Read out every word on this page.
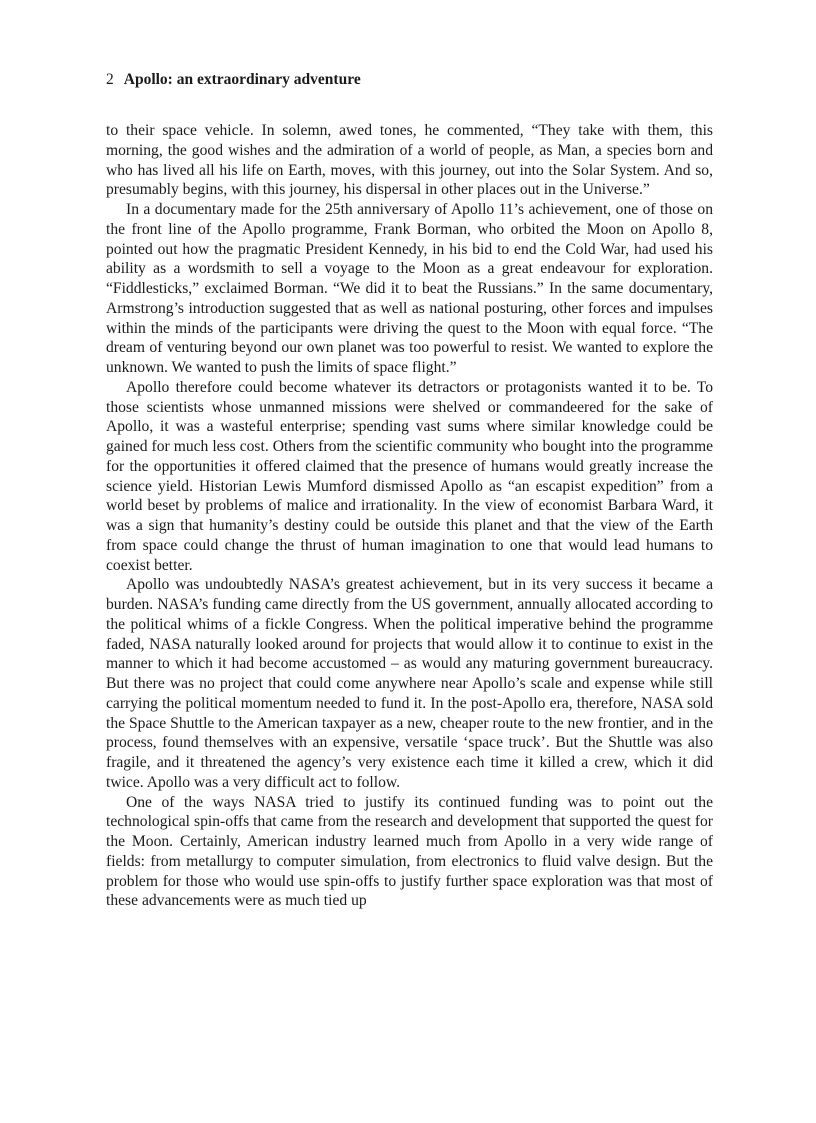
2 Apollo: an extraordinary adventure

to their space vehicle. In solemn, awed tones, he commented, “They take with them, this morning, the good wishes and the admiration of a world of people, as Man, a species born and who has lived all his life on Earth, moves, with this journey, out into the Solar System. And so, presumably begins, with this journey, his dispersal in other places out in the Universe.”

In a documentary made for the 25th anniversary of Apollo 11’s achievement, one of those on the front line of the Apollo programme, Frank Borman, who orbited the Moon on Apollo 8, pointed out how the pragmatic President Kennedy, in his bid to end the Cold War, had used his ability as a wordsmith to sell a voyage to the Moon as a great endeavour for exploration. “Fiddlesticks,” exclaimed Borman. “We did it to beat the Russians.” In the same documentary, Armstrong’s introduction suggested that as well as national posturing, other forces and impulses within the minds of the participants were driving the quest to the Moon with equal force. “The dream of venturing beyond our own planet was too powerful to resist. We wanted to explore the unknown. We wanted to push the limits of space flight.”

Apollo therefore could become whatever its detractors or protagonists wanted it to be. To those scientists whose unmanned missions were shelved or commandeered for the sake of Apollo, it was a wasteful enterprise; spending vast sums where similar knowledge could be gained for much less cost. Others from the scientific community who bought into the programme for the opportunities it offered claimed that the presence of humans would greatly increase the science yield. Historian Lewis Mumford dismissed Apollo as “an escapist expedition” from a world beset by problems of malice and irrationality. In the view of economist Barbara Ward, it was a sign that humanity’s destiny could be outside this planet and that the view of the Earth from space could change the thrust of human imagination to one that would lead humans to coexist better.

Apollo was undoubtedly NASA’s greatest achievement, but in its very success it became a burden. NASA’s funding came directly from the US government, annually allocated according to the political whims of a fickle Congress. When the political imperative behind the programme faded, NASA naturally looked around for projects that would allow it to continue to exist in the manner to which it had become accustomed – as would any maturing government bureaucracy. But there was no project that could come anywhere near Apollo’s scale and expense while still carrying the political momentum needed to fund it. In the post-Apollo era, therefore, NASA sold the Space Shuttle to the American taxpayer as a new, cheaper route to the new frontier, and in the process, found themselves with an expensive, versatile ‘space truck’. But the Shuttle was also fragile, and it threatened the agency’s very existence each time it killed a crew, which it did twice. Apollo was a very difficult act to follow.

One of the ways NASA tried to justify its continued funding was to point out the technological spin-offs that came from the research and development that supported the quest for the Moon. Certainly, American industry learned much from Apollo in a very wide range of fields: from metallurgy to computer simulation, from electronics to fluid valve design. But the problem for those who would use spin-offs to justify further space exploration was that most of these advancements were as much tied up
